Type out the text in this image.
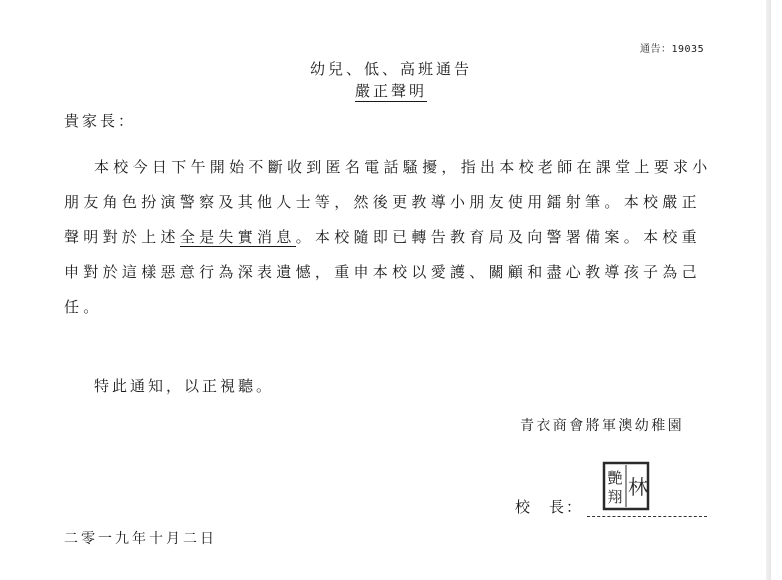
通告：19035
幼兒、低、高班通告
嚴正聲明
貴家長：
本校今日下午開始不斷收到匿名電話騷擾，指出本校老師在課堂上要求小
朋友角色扮演警察及其他人士等，然後更教導小朋友使用鐳射筆。本校嚴正
聲明對於上述全是失實消息。本校隨即已轉告教育局及向警署備案。本校重
申對於這樣惡意行為深表遺憾，重申本校以愛護、關顧和盡心教導孩子為己
任。
特此通知，以正視聽。
青衣商會將軍澳幼稚園
校　長：
艷
翔 林
二零一九年十月二日
